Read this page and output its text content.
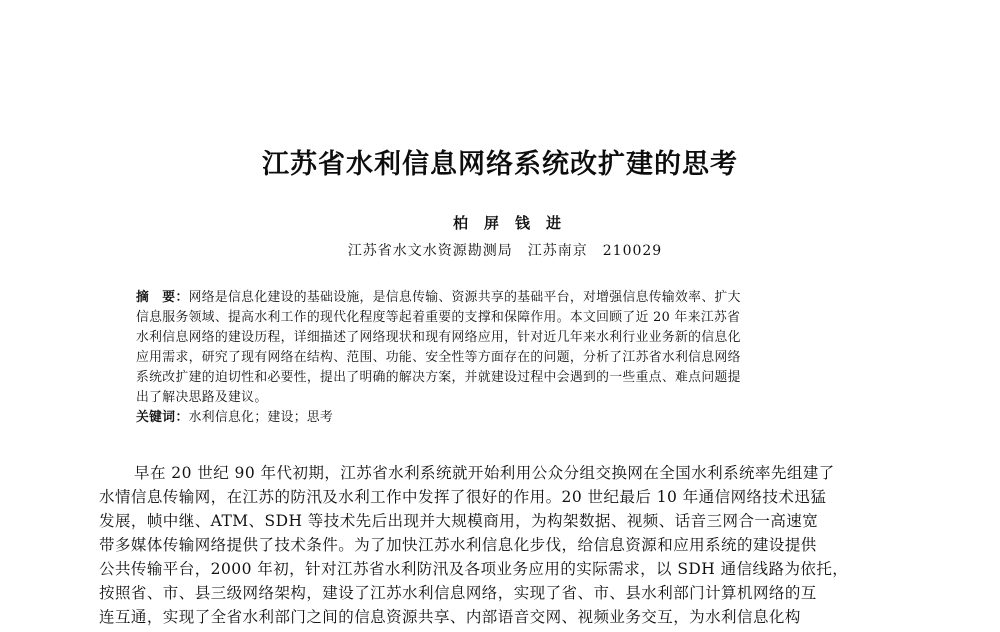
江苏省水利信息网络系统改扩建的思考
柏屏钱进
江苏省水文水资源勘测局　江苏南京　210029
摘　要：网络是信息化建设的基础设施，是信息传输、资源共享的基础平台，对增强信息传输效率、扩大
信息服务领域、提高水利工作的现代化程度等起着重要的支撑和保障作用。本文回顾了近 20 年来江苏省
水利信息网络的建设历程，详细描述了网络现状和现有网络应用，针对近几年来水利行业业务新的信息化
应用需求，研究了现有网络在结构、范围、功能、安全性等方面存在的问题，分析了江苏省水利信息网络
系统改扩建的迫切性和必要性，提出了明确的解决方案，并就建设过程中会遇到的一些重点、难点问题提
出了解决思路及建议。
关键词：水利信息化；建设；思考
早在 20 世纪 90 年代初期，江苏省水利系统就开始利用公众分组交换网在全国水利系统率先组建了
水情信息传输网，在江苏的防汛及水利工作中发挥了很好的作用。20 世纪最后 10 年通信网络技术迅猛
发展，帧中继、ATM、SDH 等技术先后出现并大规模商用，为构架数据、视频、话音三网合一高速宽
带多媒体传输网络提供了技术条件。为了加快江苏水利信息化步伐，给信息资源和应用系统的建设提供
公共传输平台，2000 年初，针对江苏省水利防汛及各项业务应用的实际需求，以 SDH 通信线路为依托，
按照省、市、县三级网络架构，建设了江苏水利信息网络，实现了省、市、县水利部门计算机网络的互
连互通，实现了全省水利部门之间的信息资源共享、内部语音交网、视频业务交互，为水利信息化构
